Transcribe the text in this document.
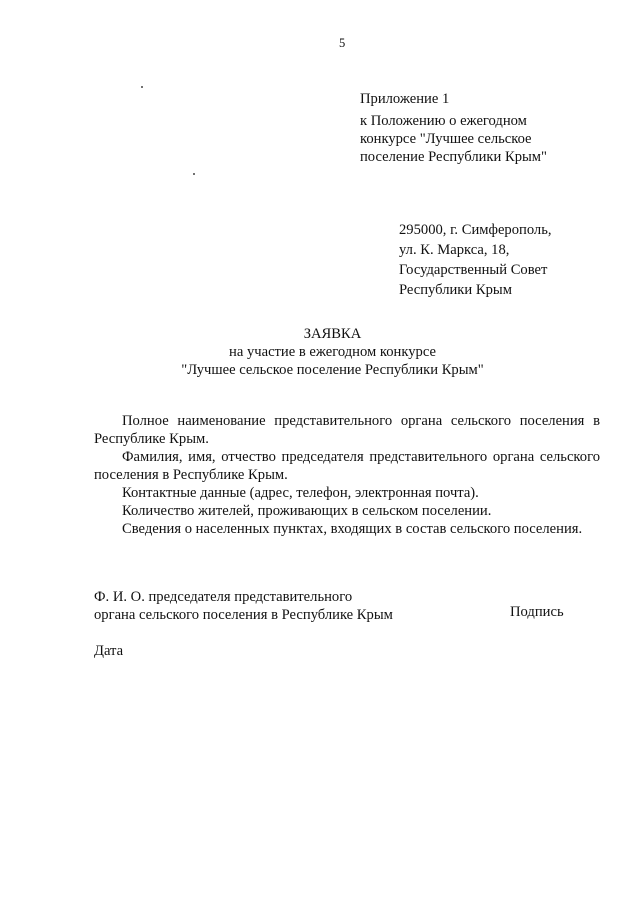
5
Приложение 1
к Положению о ежегодном
конкурсе "Лучшее сельское
поселение Республики Крым"
295000, г. Симферополь,
ул. К. Маркса, 18,
Государственный Совет
Республики Крым
ЗАЯВКА
на участие в ежегодном конкурсе
"Лучшее сельское поселение Республики Крым"
Полное наименование представительного органа сельского поселения в Республике Крым.
Фамилия, имя, отчество председателя представительного органа сельского поселения в Республике Крым.
Контактные данные (адрес, телефон, электронная почта).
Количество жителей, проживающих в сельском поселении.
Сведения о населенных пунктах, входящих в состав сельского поселения.
Ф. И. О. председателя представительного
органа сельского поселения в Республике Крым	Подпись
Дата
